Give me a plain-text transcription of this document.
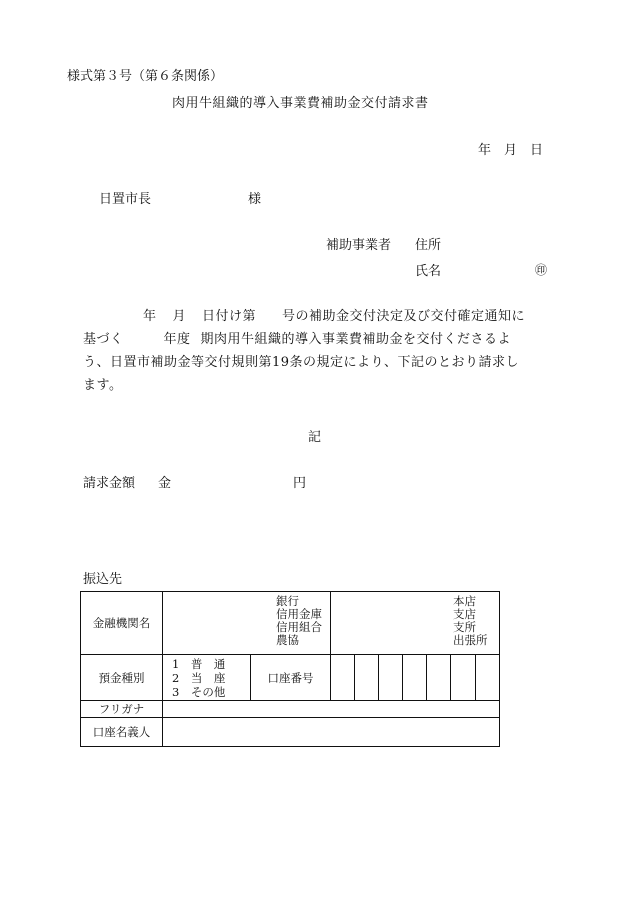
様式第３号（第６条関係）
肉用牛組織的導入事業費補助金交付請求書
年　月　日
日置市長	様
補助事業者 住所
氏名	㊞
年 月 日付け第 号の補助金交付決定及び交付確定通知に
基づく	年度 期肉用牛組織的導入事業費補助金を交付くださるよ
う、日置市補助金等交付規則第19条の規定により、下記のとおり請求し
ます。
記
請求金額 金	円
振込先
金融機関名	銀行
信用金庫
信用組合
農協		本店
支店
支所
出張所						

預金種別	1　普　通
2　当　座
3　その他	口座番号							
フリガナ									
口座名義人									
